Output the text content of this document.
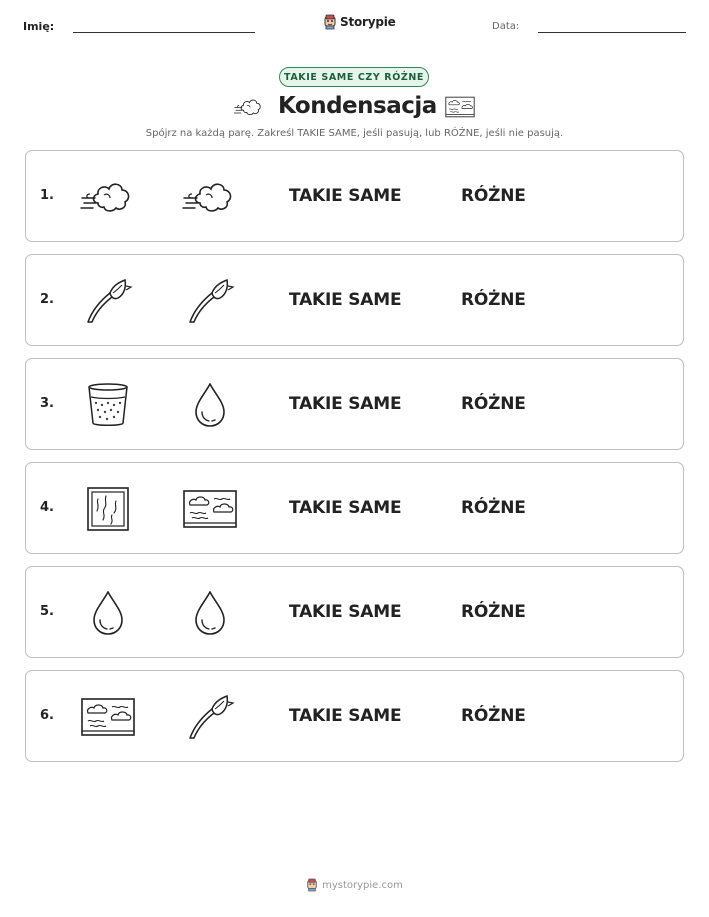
Imię:	Storypie	Data:
TAKIE SAME CZY RÓŻNE
Kondensacja
Spójrz na każdą parę. Zakreśl TAKIE SAME, jeśli pasują, lub RÓŻNE, jeśli nie pasują.
1.	TAKIE SAME	RÓŻNE
2.	TAKIE SAME	RÓŻNE
3.	TAKIE SAME	RÓŻNE
4.	TAKIE SAME	RÓŻNE
5.	TAKIE SAME	RÓŻNE
6.	TAKIE SAME	RÓŻNE
mystorypie.com
